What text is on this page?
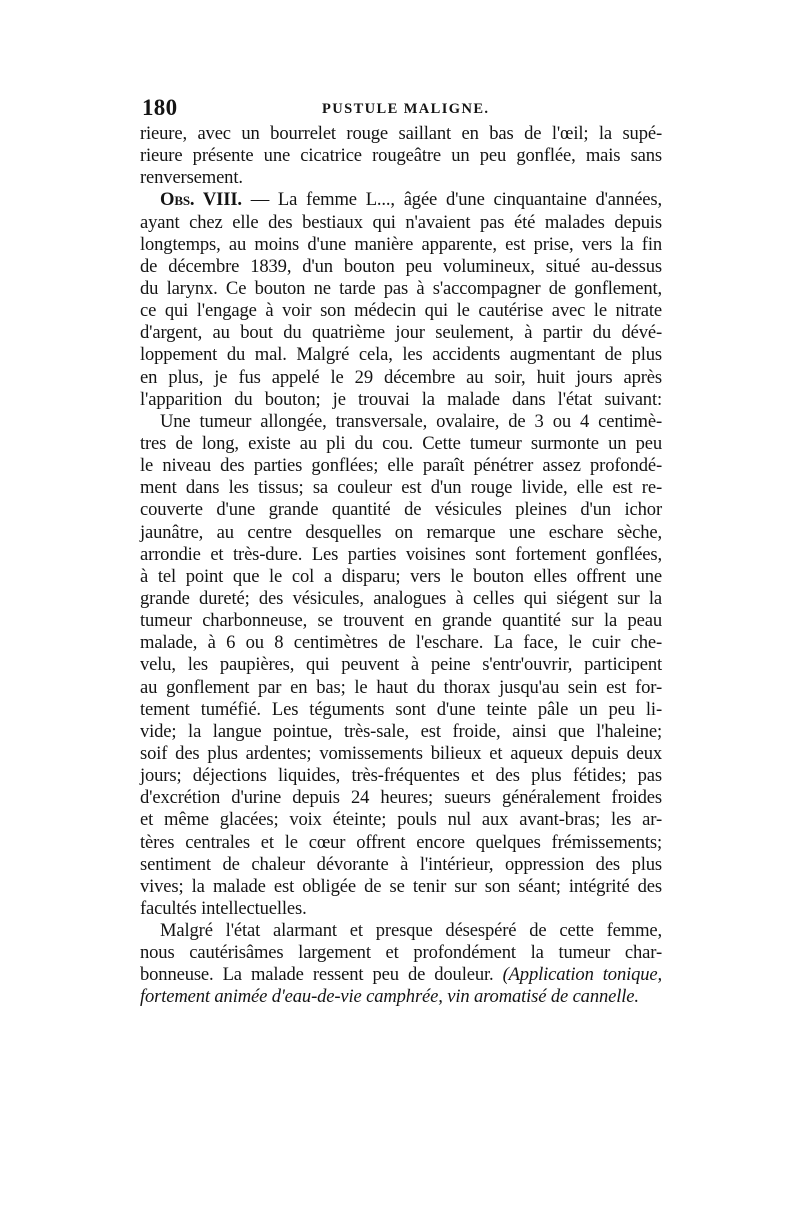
180	PUSTULE MALIGNE.
rieure, avec un bourrelet rouge saillant en bas de l'œil; la supé-
rieure présente une cicatrice rougeâtre un peu gonflée, mais sans
renversement.
Obs. VIII. — La femme L..., âgée d'une cinquantaine d'années,
ayant chez elle des bestiaux qui n'avaient pas été malades depuis
longtemps, au moins d'une manière apparente, est prise, vers la fin
de décembre 1839, d'un bouton peu volumineux, situé au-dessus
du larynx. Ce bouton ne tarde pas à s'accompagner de gonflement,
ce qui l'engage à voir son médecin qui le cautérise avec le nitrate
d'argent, au bout du quatrième jour seulement, à partir du dévé-
loppement du mal. Malgré cela, les accidents augmentant de plus
en plus, je fus appelé le 29 décembre au soir, huit jours après
l'apparition du bouton; je trouvai la malade dans l'état suivant:
Une tumeur allongée, transversale, ovalaire, de 3 ou 4 centimè-
tres de long, existe au pli du cou. Cette tumeur surmonte un peu
le niveau des parties gonflées; elle paraît pénétrer assez profondé-
ment dans les tissus; sa couleur est d'un rouge livide, elle est re-
couverte d'une grande quantité de vésicules pleines d'un ichor
jaunâtre, au centre desquelles on remarque une eschare sèche,
arrondie et très-dure. Les parties voisines sont fortement gonflées,
à tel point que le col a disparu; vers le bouton elles offrent une
grande dureté; des vésicules, analogues à celles qui siégent sur la
tumeur charbonneuse, se trouvent en grande quantité sur la peau
malade, à 6 ou 8 centimètres de l'eschare. La face, le cuir che-
velu, les paupières, qui peuvent à peine s'entr'ouvrir, participent
au gonflement par en bas; le haut du thorax jusqu'au sein est for-
tement tuméfié. Les téguments sont d'une teinte pâle un peu li-
vide; la langue pointue, très-sale, est froide, ainsi que l'haleine;
soif des plus ardentes; vomissements bilieux et aqueux depuis deux
jours; déjections liquides, très-fréquentes et des plus fétides; pas
d'excrétion d'urine depuis 24 heures; sueurs généralement froides
et même glacées; voix éteinte; pouls nul aux avant-bras; les ar-
tères centrales et le cœur offrent encore quelques frémissements;
sentiment de chaleur dévorante à l'intérieur, oppression des plus
vives; la malade est obligée de se tenir sur son séant; intégrité des
facultés intellectuelles.
Malgré l'état alarmant et presque désespéré de cette femme,
nous cautérisâmes largement et profondément la tumeur char-
bonneuse. La malade ressent peu de douleur. (Application tonique,
fortement animée d'eau-de-vie camphrée, vin aromatisé de cannelle.
